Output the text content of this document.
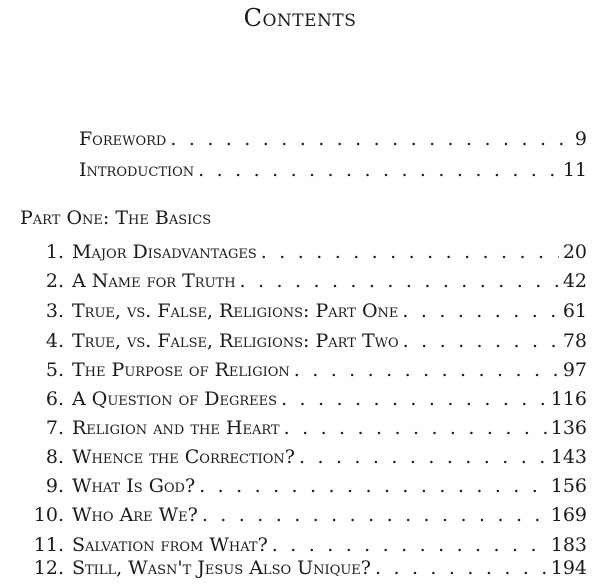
Contents
Foreword . . .	9
Introduction . . .	11
Part One: The Basics
1. Major Disadvantages . . .	20
2. A Name for Truth . . .	42
3. True, vs. False, Religions: Part One . . .	61
4. True, vs. False, Religions: Part Two . . .	78
5. The Purpose of Religion . . .	97
6. A Question of Degrees . . .	116
7. Religion and the Heart . . .	136
8. Whence the Correction? . . .	143
9. What Is God? . . .	156
10. Who Are We? . . .	169
11. Salvation from What? . . .	183
12. Still, Wasn't Jesus Also Unique? . . .	194
